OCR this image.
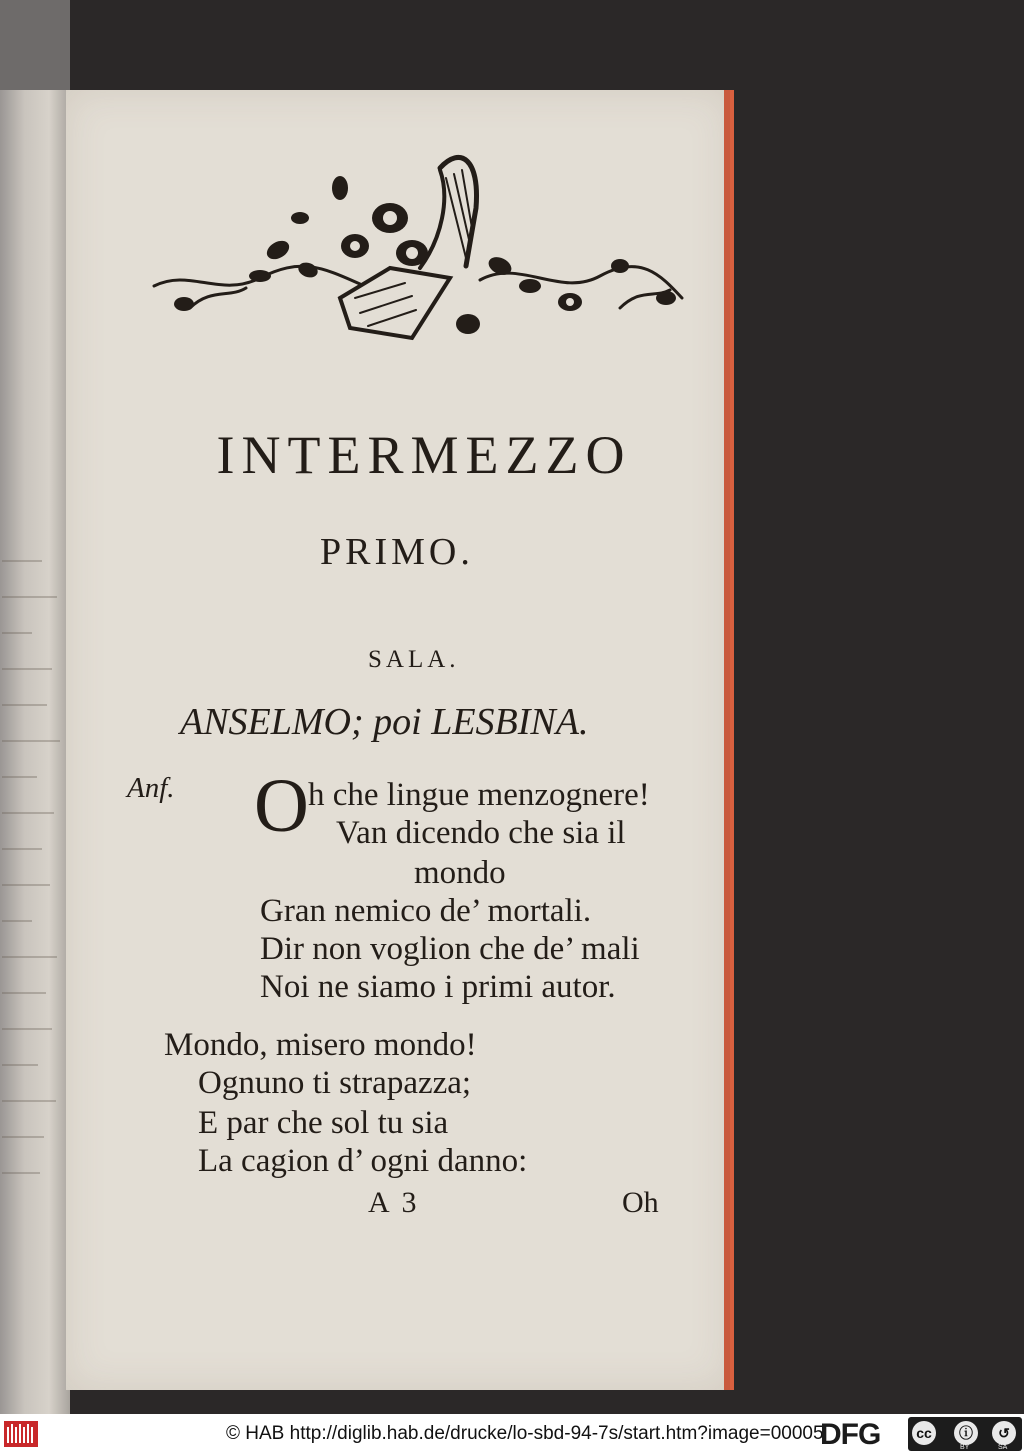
INTERMEZZO
PRIMO.
SALA.
ANSELMO; poi LESBINA.
Anf. O h che lingue menzognere!
Van dicendo che sia il
mondo
Gran nemico de’ mortali.
Dir non voglion che de’ mali
Noi ne siamo i primi autor.
Mondo, misero mondo!
Ognuno ti strapazza;
E par che sol tu sia
La cagion d’ ogni danno:
A 3	Oh
© HAB http://diglib.hab.de/drucke/lo-sbd-94-7s/start.htm?image=00005
DFG	cc	ⓘ	↺
BY	SA
